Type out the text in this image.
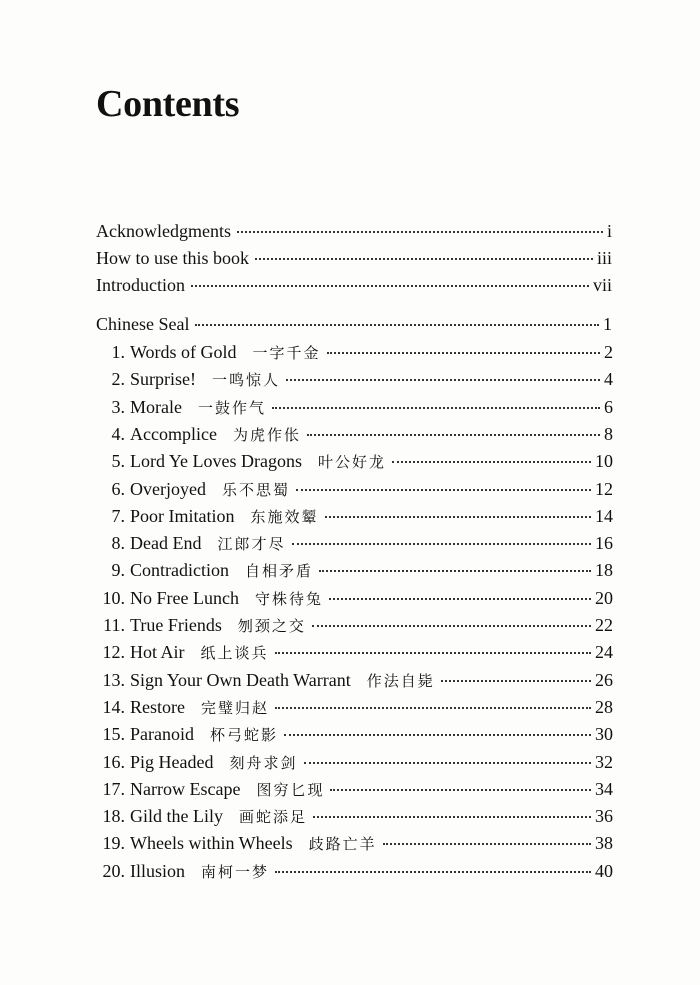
Contents
Acknowledgments	i
How to use this book	iii
Introduction	vii
Chinese Seal	1
1. Words of Gold 一字千金	2
2. Surprise! 一鸣惊人	4
3. Morale 一鼓作气	6
4. Accomplice 为虎作伥	8
5. Lord Ye Loves Dragons 叶公好龙	10
6. Overjoyed 乐不思蜀	12
7. Poor Imitation 东施效颦	14
8. Dead End 江郎才尽	16
9. Contradiction 自相矛盾	18
10. No Free Lunch 守株待兔	20
11. True Friends 刎颈之交	22
12. Hot Air 纸上谈兵	24
13. Sign Your Own Death Warrant 作法自毙	26
14. Restore 完璧归赵	28
15. Paranoid 杯弓蛇影	30
16. Pig Headed 刻舟求剑	32
17. Narrow Escape 图穷匕现	34
18. Gild the Lily 画蛇添足	36
19. Wheels within Wheels 歧路亡羊	38
20. Illusion 南柯一梦	40
